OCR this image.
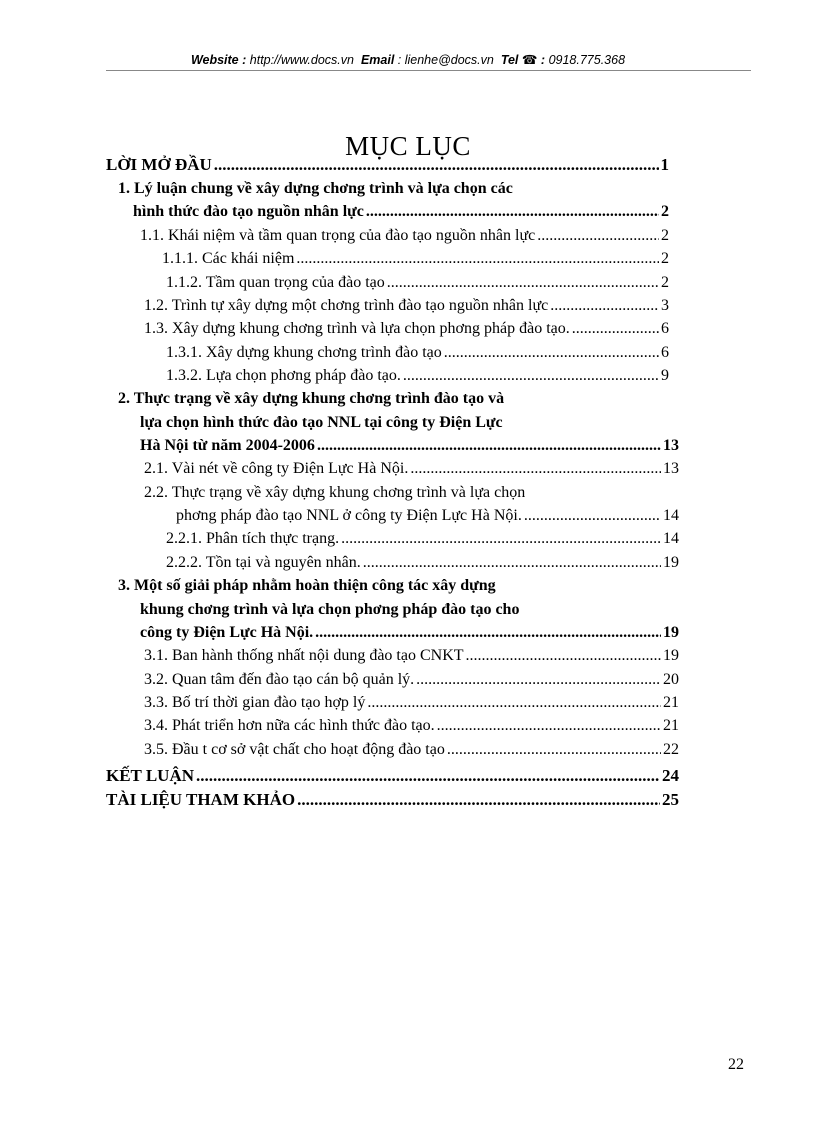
Website : http://www.docs.vn Email : lienhe@docs.vn Tel ☎ : 0918.775.368
MỤC LỤC
LỜI MỞ ĐẦU .....	1
1. Lý luận chung về xây dựng chơng trình và lựa chọn các
hình thức đào tạo nguồn nhân lực .....	2
1.1. Khái niệm và tầm quan trọng của đào tạo nguồn nhân lực .....	2
1.1.1. Các khái niệm .....	2
1.1.2. Tầm quan trọng của đào tạo .....	2
1.2. Trình tự xây dựng một chơng trình đào tạo nguồn nhân lực .....	3
1.3. Xây dựng khung chơng trình và lựa chọn phơng pháp đào tạo. .....	6
1.3.1. Xây dựng khung chơng trình đào tạo .....	6
1.3.2. Lựa chọn phơng pháp đào tạo. .....	9
2. Thực trạng về xây dựng khung chơng trình đào tạo và
lựa chọn hình thức đào tạo NNL tại công ty Điện Lực
Hà Nội từ năm 2004-2006 .....	13
2.1. Vài nét về công ty Điện Lực Hà Nội. .....	13
2.2. Thực trạng về xây dựng khung chơng trình và lựa chọn
phơng pháp đào tạo NNL ở công ty Điện Lực Hà Nội. .....	14
2.2.1. Phân tích thực trạng. .....	14
2.2.2. Tồn tại và nguyên nhân. .....	19
3. Một số giải pháp nhằm hoàn thiện công tác xây dựng
khung chơng trình và lựa chọn phơng pháp đào tạo cho
công ty Điện Lực Hà Nội. .....	19
3.1. Ban hành thống nhất nội dung đào tạo CNKT .....	19
3.2. Quan tâm đến đào tạo cán bộ quản lý. .....	20
3.3. Bố trí thời gian đào tạo hợp lý .....	21
3.4. Phát triển hơn nữa các hình thức đào tạo. .....	21
3.5. Đầu t cơ sở vật chất cho hoạt động đào tạo .....	22
KẾT LUẬN .....	24
TÀI LIỆU THAM KHẢO .....	25
22
